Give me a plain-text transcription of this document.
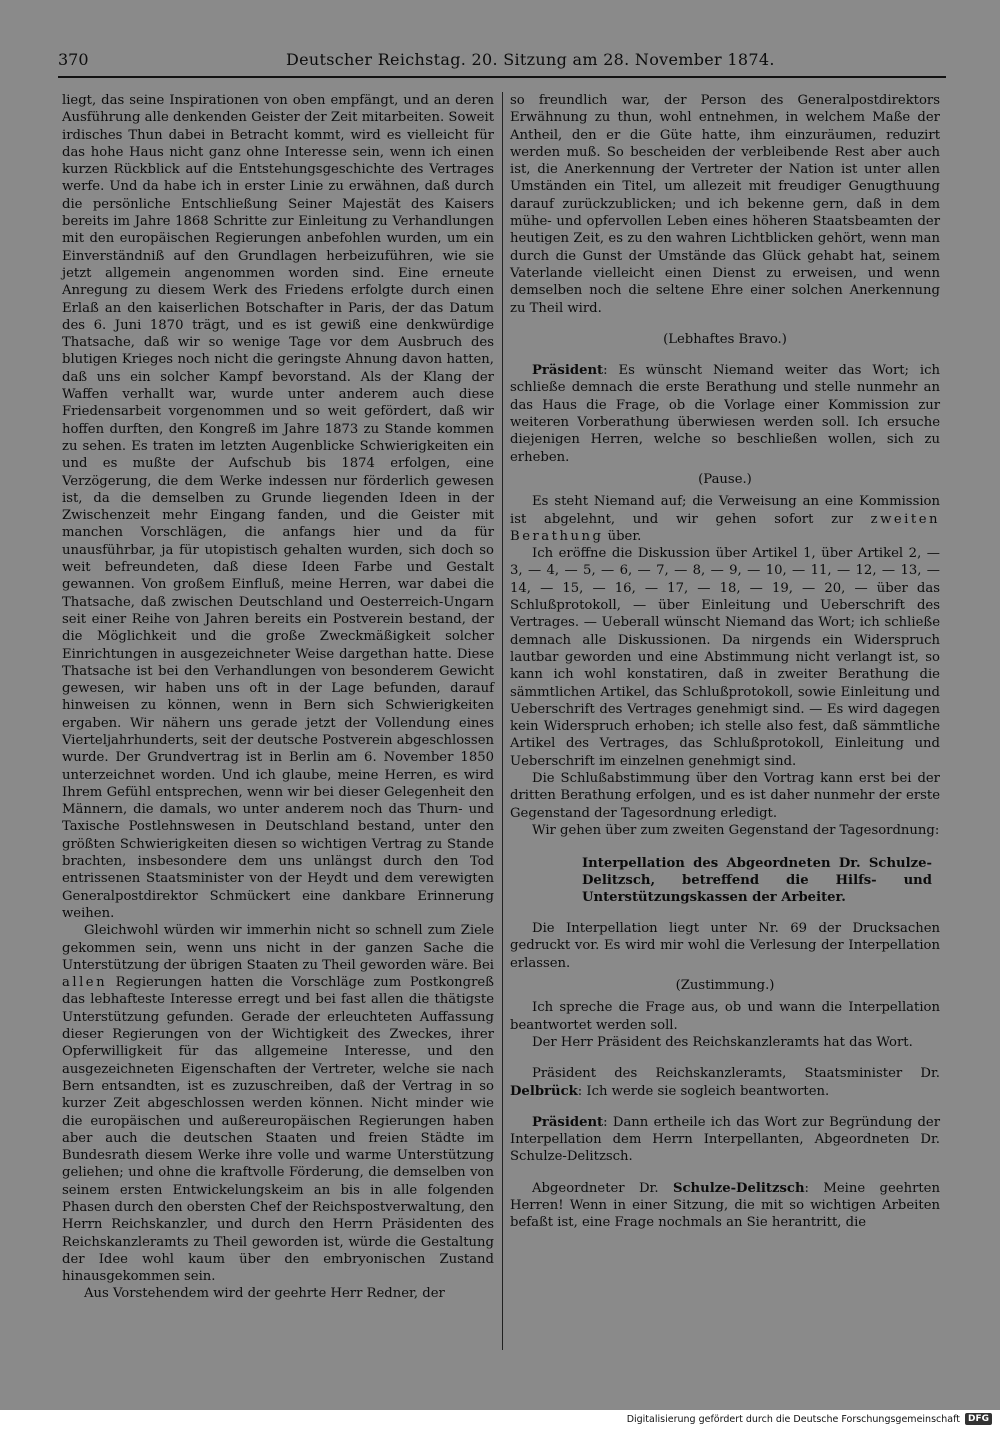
370	Deutscher Reichstag. 20. Sitzung am 28. November 1874.

liegt, das seine Inspirationen von oben empfängt, und an deren Ausführung alle denkenden Geister der Zeit mitarbeiten. Soweit irdisches Thun dabei in Betracht kommt, wird es vielleicht für das hohe Haus nicht ganz ohne Interesse sein, wenn ich einen kurzen Rückblick auf die Entstehungsgeschichte des Vertrages werfe. Und da habe ich in erster Linie zu erwähnen, daß durch die persönliche Entschließung Seiner Majestät des Kaisers bereits im Jahre 1868 Schritte zur Einleitung zu Verhandlungen mit den europäischen Regierungen anbefohlen wurden, um ein Einverständniß auf den Grundlagen herbeizuführen, wie sie jetzt allgemein angenommen worden sind. Eine erneute Anregung zu diesem Werk des Friedens erfolgte durch einen Erlaß an den kaiserlichen Botschafter in Paris, der das Datum des 6. Juni 1870 trägt, und es ist gewiß eine denkwürdige Thatsache, daß wir so wenige Tage vor dem Ausbruch des blutigen Krieges noch nicht die geringste Ahnung davon hatten, daß uns ein solcher Kampf bevorstand. Als der Klang der Waffen verhallt war, wurde unter anderem auch diese Friedensarbeit vorgenommen und so weit gefördert, daß wir hoffen durften, den Kongreß im Jahre 1873 zu Stande kommen zu sehen. Es traten im letzten Augenblicke Schwierigkeiten ein und es mußte der Aufschub bis 1874 erfolgen, eine Verzögerung, die dem Werke indessen nur förderlich gewesen ist, da die demselben zu Grunde liegenden Ideen in der Zwischenzeit mehr Eingang fanden, und die Geister mit manchen Vorschlägen, die anfangs hier und da für unausführbar, ja für utopistisch gehalten wurden, sich doch so weit befreundeten, daß diese Ideen Farbe und Gestalt gewannen. Von großem Einfluß, meine Herren, war dabei die Thatsache, daß zwischen Deutschland und Oesterreich-Ungarn seit einer Reihe von Jahren bereits ein Postverein bestand, der die Möglichkeit und die große Zweckmäßigkeit solcher Einrichtungen in ausgezeichneter Weise dargethan hatte. Diese Thatsache ist bei den Verhandlungen von besonderem Gewicht gewesen, wir haben uns oft in der Lage befunden, darauf hinweisen zu können, wenn in Bern sich Schwierigkeiten ergaben. Wir nähern uns gerade jetzt der Vollendung eines Vierteljahrhunderts, seit der deutsche Postverein abgeschlossen wurde. Der Grundvertrag ist in Berlin am 6. November 1850 unterzeichnet worden. Und ich glaube, meine Herren, es wird Ihrem Gefühl entsprechen, wenn wir bei dieser Gelegenheit den Männern, die damals, wo unter anderem noch das Thurn- und Taxische Postlehnswesen in Deutschland bestand, unter den größten Schwierigkeiten diesen so wichtigen Vertrag zu Stande brachten, insbesondere dem uns unlängst durch den Tod entrissenen Staatsminister von der Heydt und dem verewigten Generalpostdirektor Schmückert eine dankbare Erinnerung weihen.

Gleichwohl würden wir immerhin nicht so schnell zum Ziele gekommen sein, wenn uns nicht in der ganzen Sache die Unterstützung der übrigen Staaten zu Theil geworden wäre. Bei allen Regierungen hatten die Vorschläge zum Postkongreß das lebhafteste Interesse erregt und bei fast allen die thätigste Unterstützung gefunden. Gerade der erleuchteten Auffassung dieser Regierungen von der Wichtigkeit des Zweckes, ihrer Opferwilligkeit für das allgemeine Interesse, und den ausgezeichneten Eigenschaften der Vertreter, welche sie nach Bern entsandten, ist es zuzuschreiben, daß der Vertrag in so kurzer Zeit abgeschlossen werden können. Nicht minder wie die europäischen und außereuropäischen Regierungen haben aber auch die deutschen Staaten und freien Städte im Bundesrath diesem Werke ihre volle und warme Unterstützung geliehen; und ohne die kraftvolle Förderung, die demselben von seinem ersten Entwickelungskeim an bis in alle folgenden Phasen durch den obersten Chef der Reichspostverwaltung, den Herrn Reichskanzler, und durch den Herrn Präsidenten des Reichskanzleramts zu Theil geworden ist, würde die Gestaltung der Idee wohl kaum über den embryonischen Zustand hinausgekommen sein.

Aus Vorstehendem wird der geehrte Herr Redner, der

so freundlich war, der Person des Generalpostdirektors Erwähnung zu thun, wohl entnehmen, in welchem Maße der Antheil, den er die Güte hatte, ihm einzuräumen, reduzirt werden muß. So bescheiden der verbleibende Rest aber auch ist, die Anerkennung der Vertreter der Nation ist unter allen Umständen ein Titel, um allezeit mit freudiger Genugthuung darauf zurückzublicken; und ich bekenne gern, daß in dem mühe- und opfervollen Leben eines höheren Staatsbeamten der heutigen Zeit, es zu den wahren Lichtblicken gehört, wenn man durch die Gunst der Umstände das Glück gehabt hat, seinem Vaterlande vielleicht einen Dienst zu erweisen, und wenn demselben noch die seltene Ehre einer solchen Anerkennung zu Theil wird.

(Lebhaftes Bravo.)

Präsident: Es wünscht Niemand weiter das Wort; ich schließe demnach die erste Berathung und stelle nunmehr an das Haus die Frage, ob die Vorlage einer Kommission zur weiteren Vorberathung überwiesen werden soll. Ich ersuche diejenigen Herren, welche so beschließen wollen, sich zu erheben.

(Pause.)

Es steht Niemand auf; die Verweisung an eine Kommission ist abgelehnt, und wir gehen sofort zur zweiten Berathung über.

Ich eröffne die Diskussion über Artikel 1, über Artikel 2, — 3, — 4, — 5, — 6, — 7, — 8, — 9, — 10, — 11, — 12, — 13, — 14, — 15, — 16, — 17, — 18, — 19, — 20, — über das Schlußprotokoll, — über Einleitung und Ueberschrift des Vertrages. — Ueberall wünscht Niemand das Wort; ich schließe demnach alle Diskussionen. Da nirgends ein Widerspruch lautbar geworden und eine Abstimmung nicht verlangt ist, so kann ich wohl konstatiren, daß in zweiter Berathung die sämmtlichen Artikel, das Schlußprotokoll, sowie Einleitung und Ueberschrift des Vertrages genehmigt sind. — Es wird dagegen kein Widerspruch erhoben; ich stelle also fest, daß sämmtliche Artikel des Vertrages, das Schlußprotokoll, Einleitung und Ueberschrift im einzelnen genehmigt sind.

Die Schlußabstimmung über den Vortrag kann erst bei der dritten Berathung erfolgen, und es ist daher nunmehr der erste Gegenstand der Tagesordnung erledigt.

Wir gehen über zum zweiten Gegenstand der Tagesordnung:

Interpellation des Abgeordneten Dr. Schulze-Delitzsch, betreffend die Hilfs- und Unterstützungskassen der Arbeiter.

Die Interpellation liegt unter Nr. 69 der Drucksachen gedruckt vor. Es wird mir wohl die Verlesung der Interpellation erlassen.

(Zustimmung.)

Ich spreche die Frage aus, ob und wann die Interpellation beantwortet werden soll.

Der Herr Präsident des Reichskanzleramts hat das Wort.

Präsident des Reichskanzleramts, Staatsminister Dr. Delbrück: Ich werde sie sogleich beantworten.

Präsident: Dann ertheile ich das Wort zur Begründung der Interpellation dem Herrn Interpellanten, Abgeordneten Dr. Schulze-Delitzsch.

Abgeordneter Dr. Schulze-Delitzsch: Meine geehrten Herren! Wenn in einer Sitzung, die mit so wichtigen Arbeiten befaßt ist, eine Frage nochmals an Sie herantritt, die

Digitalisierung gefördert durch die Deutsche Forschungsgemeinschaft DFG
